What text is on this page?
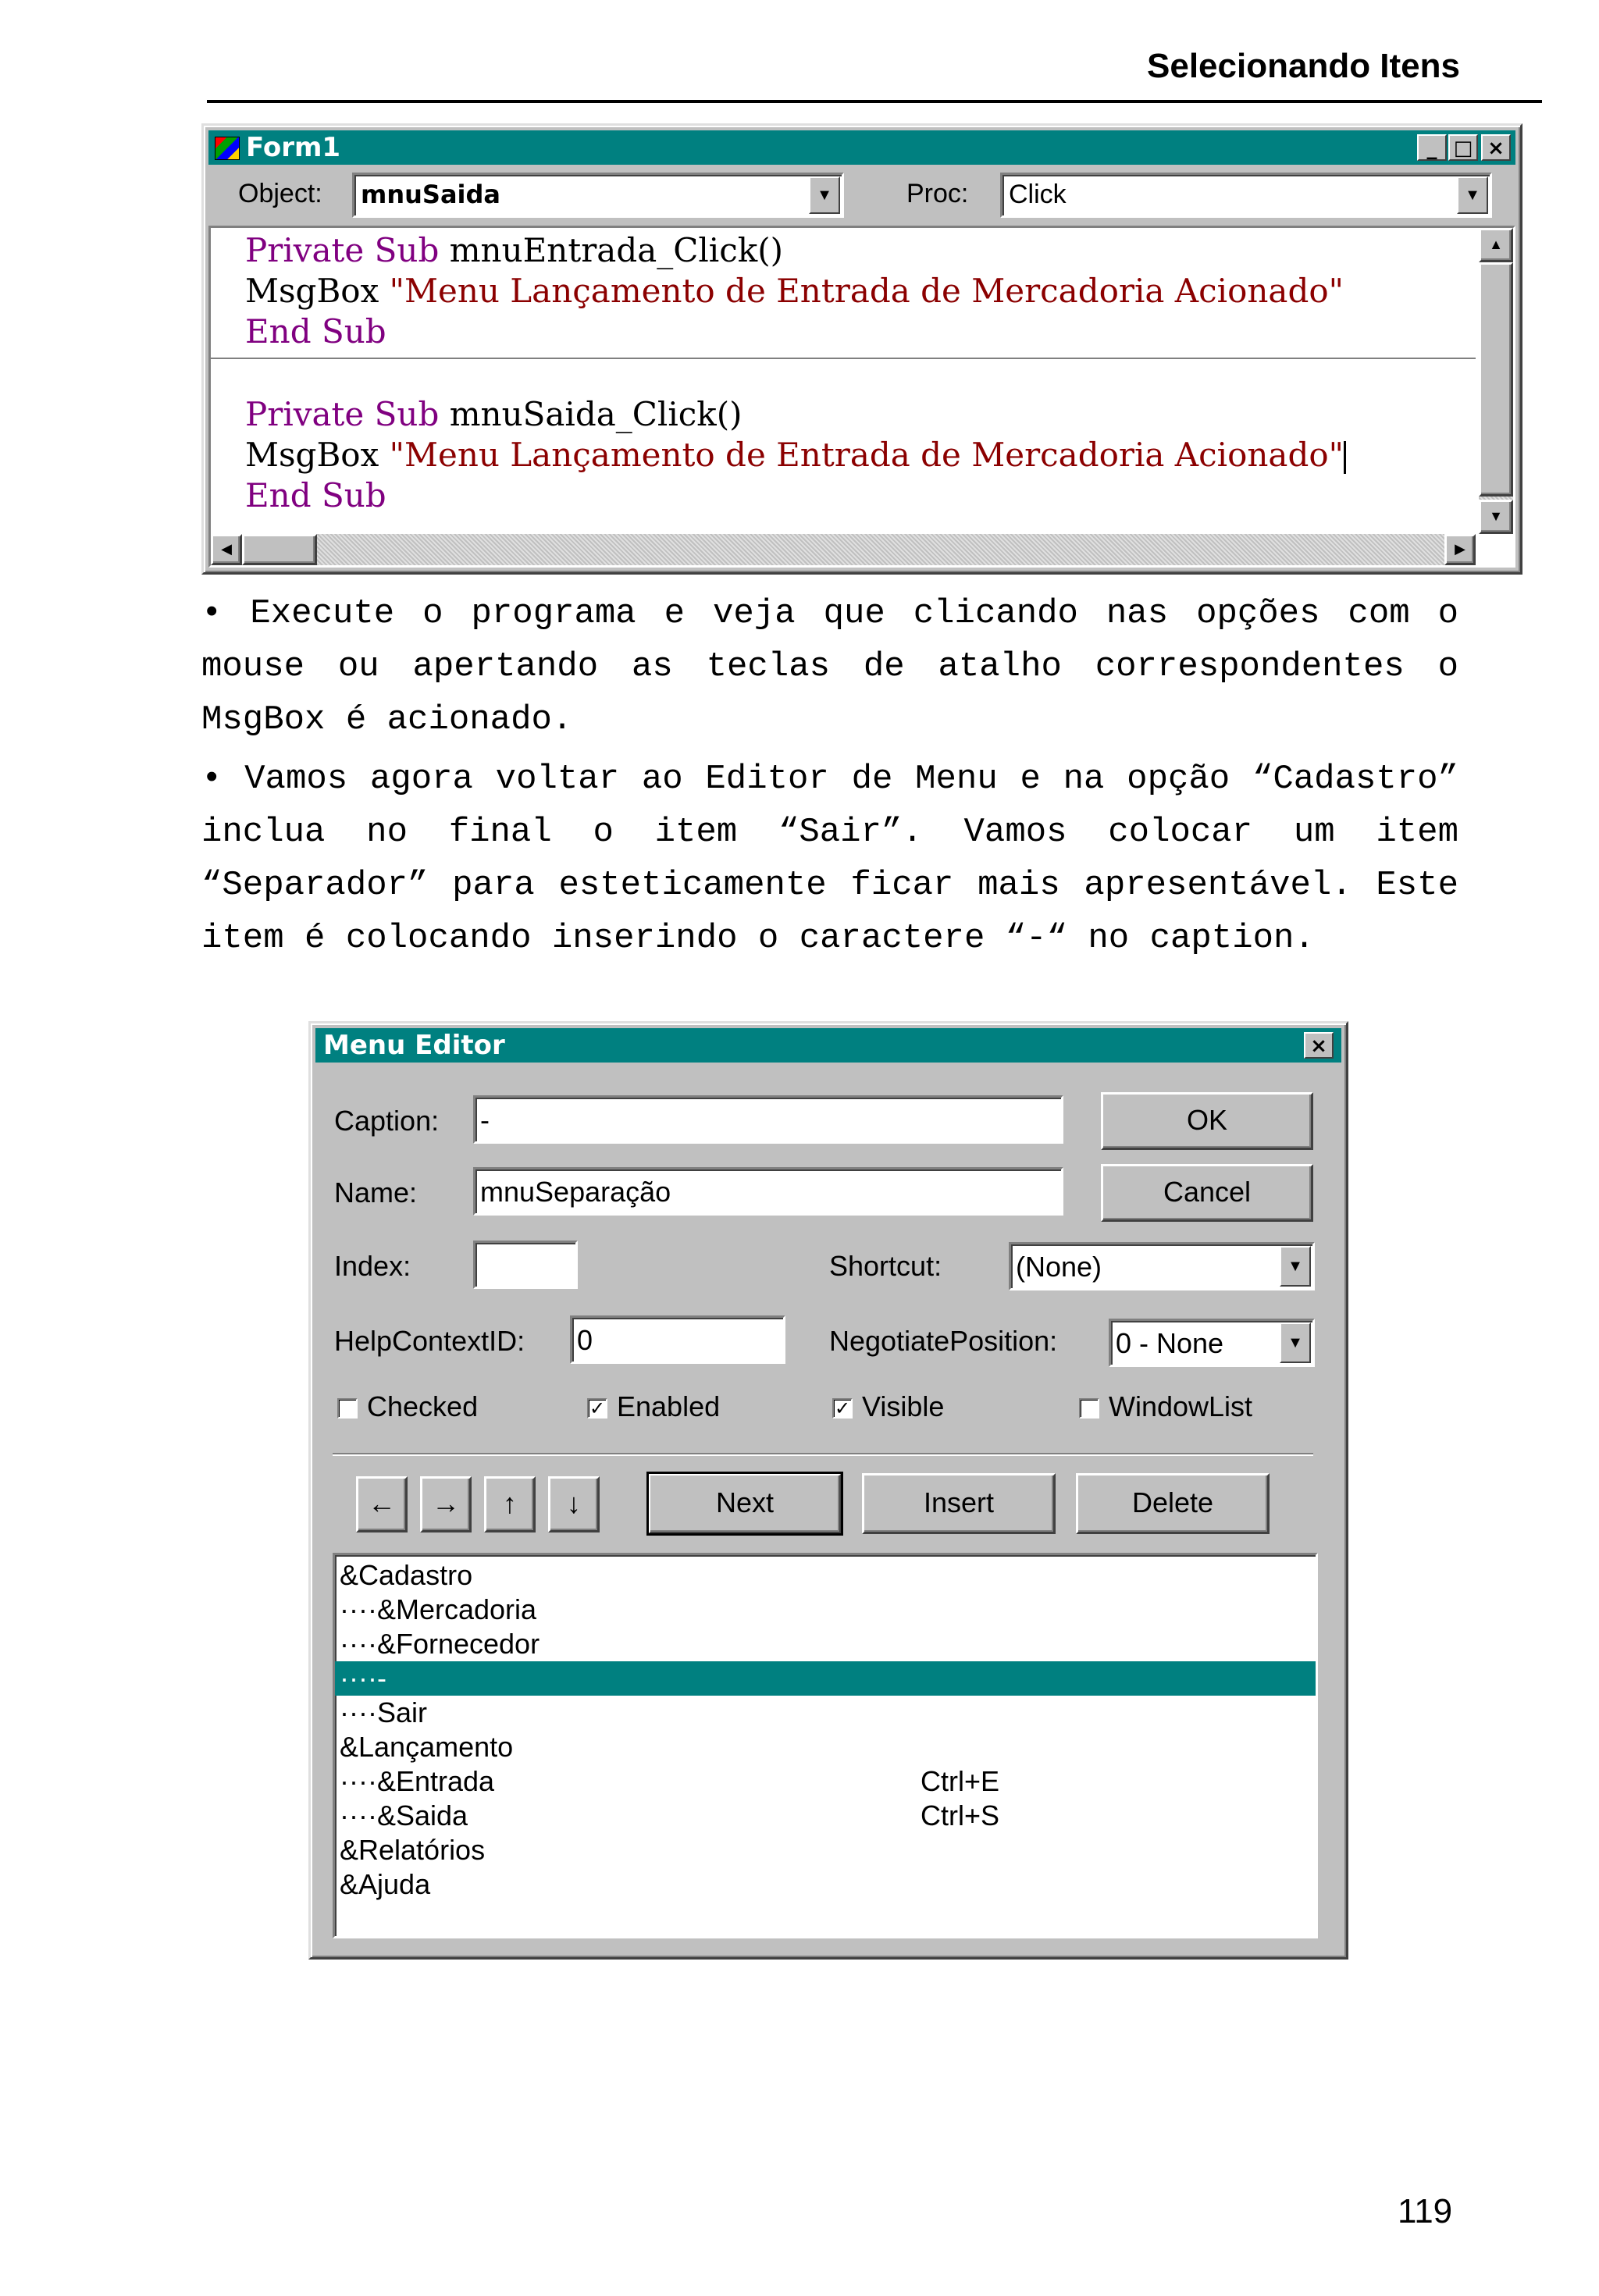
Selecionando Itens
Form1	_ □ ×
Object: mnuSaida	▼	Proc: Click	▼
Private Sub mnuEntrada_Click()
MsgBox "Menu Lançamento de Entrada de Mercadoria Acionado"
End Sub
Private Sub mnuSaida_Click()
MsgBox "Menu Lançamento de Entrada de Mercadoria Acionado"
End Sub
▲
▼
◀	▶
• Execute o programa e veja que clicando nas opções com o mouse ou apertando as teclas de atalho correspondentes o MsgBox é acionado.
• Vamos agora voltar ao Editor de Menu e na opção “Cadastro” inclua no final o item “Sair”. Vamos colocar um item “Separador” para esteticamente ficar mais apresentável. Este item é colocando inserindo o caractere “-“ no caption.
Menu Editor	×
Caption: -	OK
Name: mnuSeparação	Cancel
Index:	Shortcut:	(None)	▼
HelpContextID: 0	NegotiatePosition: 0 - None	▼
Checked	✓ Enabled	✓ Visible	WindowList
←	→	↑	↓	Next	Insert	Delete
&Cadastro
····&Mercadoria
····&Fornecedor
····-
····Sair
&Lançamento
····&Entrada	Ctrl+E
····&Saida	Ctrl+S
&Relatórios
&Ajuda
119
